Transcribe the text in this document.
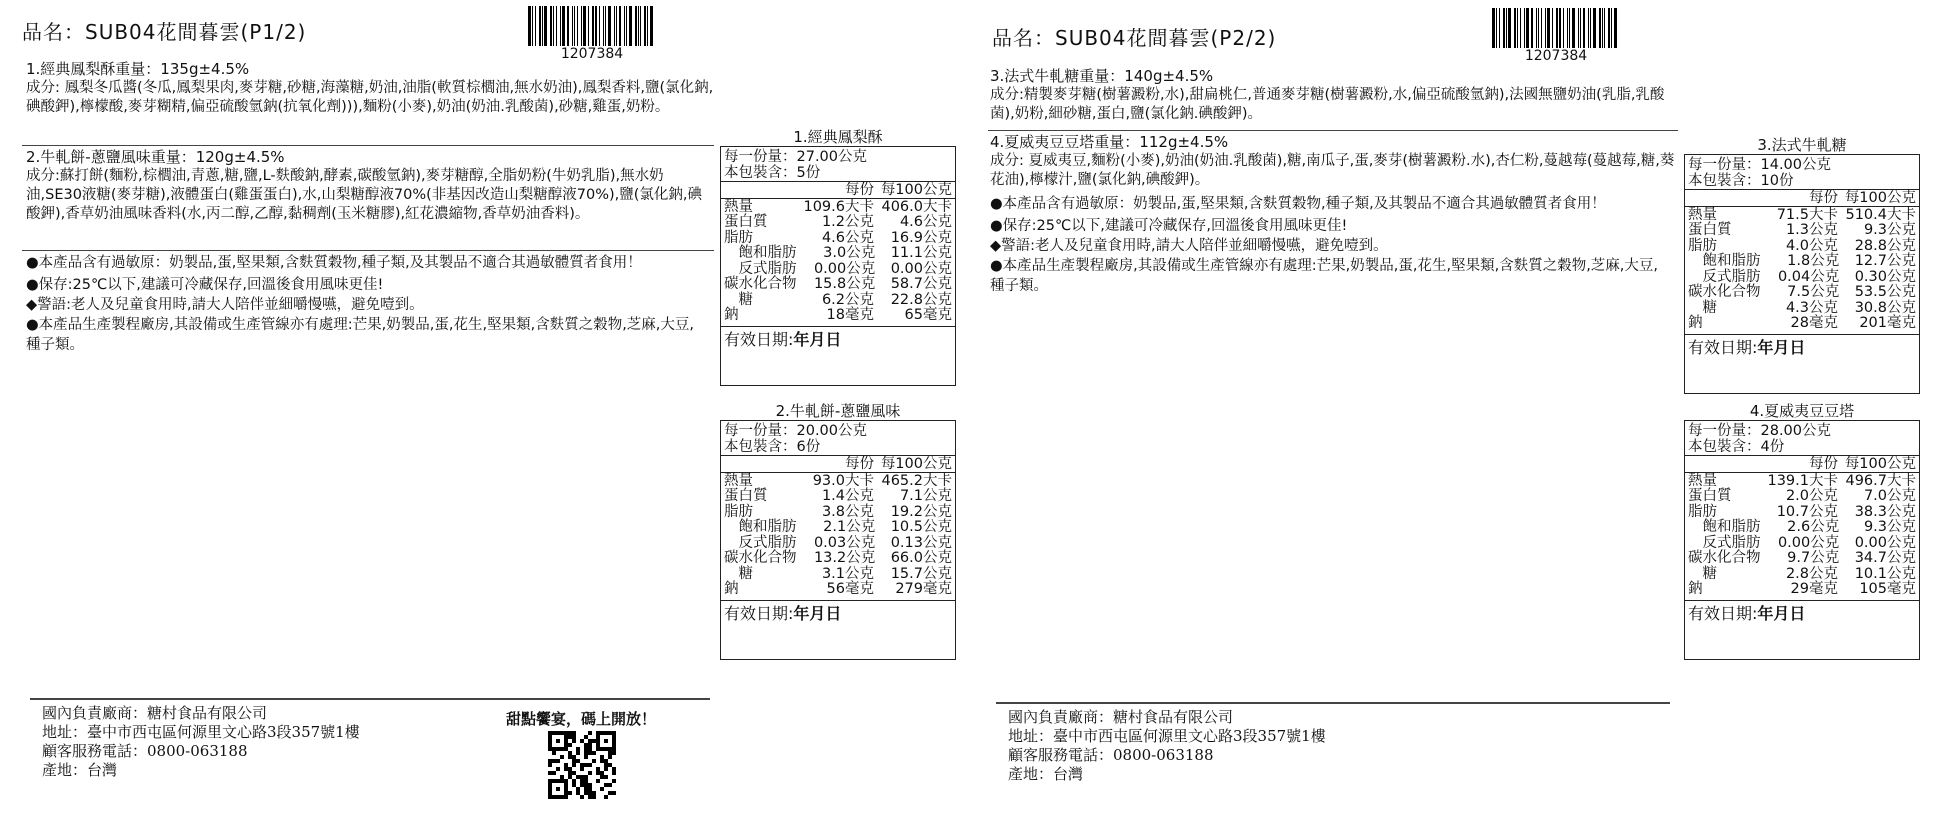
品名：SUB04花間暮雲(P1/2)
1207384
1.經典鳳梨酥重量：135g±4.5%
成分: 鳳梨冬瓜醬(冬瓜,鳳梨果肉,麥芽糖,砂糖,海藻糖,奶油,油脂(軟質棕櫚油,無水奶油),鳳梨香料,鹽(氯化鈉,碘酸鉀),檸檬酸,麥芽糊精,偏亞硫酸氫鈉(抗氧化劑))),麵粉(小麥),奶油(奶油.乳酸菌),砂糖,雞蛋,奶粉。
2.牛軋餅-蔥鹽風味重量：120g±4.5%
成分:蘇打餅(麵粉,棕櫚油,青蔥,糖,鹽,L-麩酸鈉,酵素,碳酸氫鈉),麥芽糖醇,全脂奶粉(牛奶乳脂),無水奶油,SE30液糖(麥芽糖),液體蛋白(雞蛋蛋白),水,山梨糖醇液70%(非基因改造山梨糖醇液70%),鹽(氯化鈉,碘酸鉀),香草奶油風味香料(水,丙二醇,乙醇,黏稠劑(玉米糖膠),紅花濃縮物,香草奶油香料)。
●本產品含有過敏原：奶製品,蛋,堅果類,含麩質穀物,種子類,及其製品不適合其過敏體質者食用！
●保存:25℃以下,建議可冷藏保存,回溫後食用風味更佳!
◆警語:老人及兒童食用時,請大人陪伴並細嚼慢嚥，避免噎到。
●本產品生產製程廠房,其設備或生產管線亦有處理:芒果,奶製品,蛋,花生,堅果類,含麩質之穀物,芝麻,大豆,種子類。
1.經典鳳梨酥
每一份量：27.00公克
本包裝含：5份
每份 每100公克
熱量	109.6大卡 406.0大卡
蛋白質	1.2公克	4.6公克
脂肪	4.6公克	16.9公克
　飽和脂肪	3.0公克	11.1公克
　反式脂肪	0.00公克	0.00公克
碳水化合物	15.8公克	58.7公克
　糖	6.2公克	22.8公克
鈉	18毫克	65毫克
有效日期:年月日
2.牛軋餅-蔥鹽風味
每一份量：20.00公克
本包裝含：6份
每份 每100公克
熱量	93.0大卡 465.2大卡
蛋白質	1.4公克	7.1公克
脂肪	3.8公克	19.2公克
　飽和脂肪	2.1公克	10.5公克
　反式脂肪	0.03公克	0.13公克
碳水化合物	13.2公克	66.0公克
　糖	3.1公克	15.7公克
鈉	56毫克	279毫克
有效日期:年月日
國內負責廠商：糖村食品有限公司
地址：臺中市西屯區何源里文心路3段357號1樓
顧客服務電話：0800-063188
產地：台灣
甜點饗宴，碼上開放！
品名：SUB04花間暮雲(P2/2)
1207384
3.法式牛軋糖重量：140g±4.5%
成分:精製麥芽糖(樹薯澱粉,水),甜扁桃仁,普通麥芽糖(樹薯澱粉,水,偏亞硫酸氫鈉),法國無鹽奶油(乳脂,乳酸菌),奶粉,細砂糖,蛋白,鹽(氯化鈉.碘酸鉀)。
4.夏威夷豆豆塔重量：112g±4.5%
成分: 夏威夷豆,麵粉(小麥),奶油(奶油.乳酸菌),糖,南瓜子,蛋,麥芽(樹薯澱粉.水),杏仁粉,蔓越莓(蔓越莓,糖,葵花油),檸檬汁,鹽(氯化鈉,碘酸鉀)。
●本產品含有過敏原：奶製品,蛋,堅果類,含麩質穀物,種子類,及其製品不適合其過敏體質者食用！
●保存:25℃以下,建議可冷藏保存,回溫後食用風味更佳!
◆警語:老人及兒童食用時,請大人陪伴並細嚼慢嚥，避免噎到。
●本產品生產製程廠房,其設備或生產管線亦有處理:芒果,奶製品,蛋,花生,堅果類,含麩質之穀物,芝麻,大豆,種子類。
3.法式牛軋糖
每一份量：14.00公克
本包裝含：10份
每份 每100公克
熱量	71.5大卡 510.4大卡
蛋白質	1.3公克	9.3公克
脂肪	4.0公克	28.8公克
　飽和脂肪	1.8公克	12.7公克
　反式脂肪	0.04公克	0.30公克
碳水化合物	7.5公克	53.5公克
　糖	4.3公克	30.8公克
鈉	28毫克	201毫克
有效日期:年月日
4.夏威夷豆豆塔
每一份量：28.00公克
本包裝含：4份
每份 每100公克
熱量	139.1大卡 496.7大卡
蛋白質	2.0公克	7.0公克
脂肪	10.7公克	38.3公克
　飽和脂肪	2.6公克	9.3公克
　反式脂肪	0.00公克	0.00公克
碳水化合物	9.7公克	34.7公克
　糖	2.8公克	10.1公克
鈉	29毫克	105毫克
有效日期:年月日
國內負責廠商：糖村食品有限公司
地址：臺中市西屯區何源里文心路3段357號1樓
顧客服務電話：0800-063188
產地：台灣
